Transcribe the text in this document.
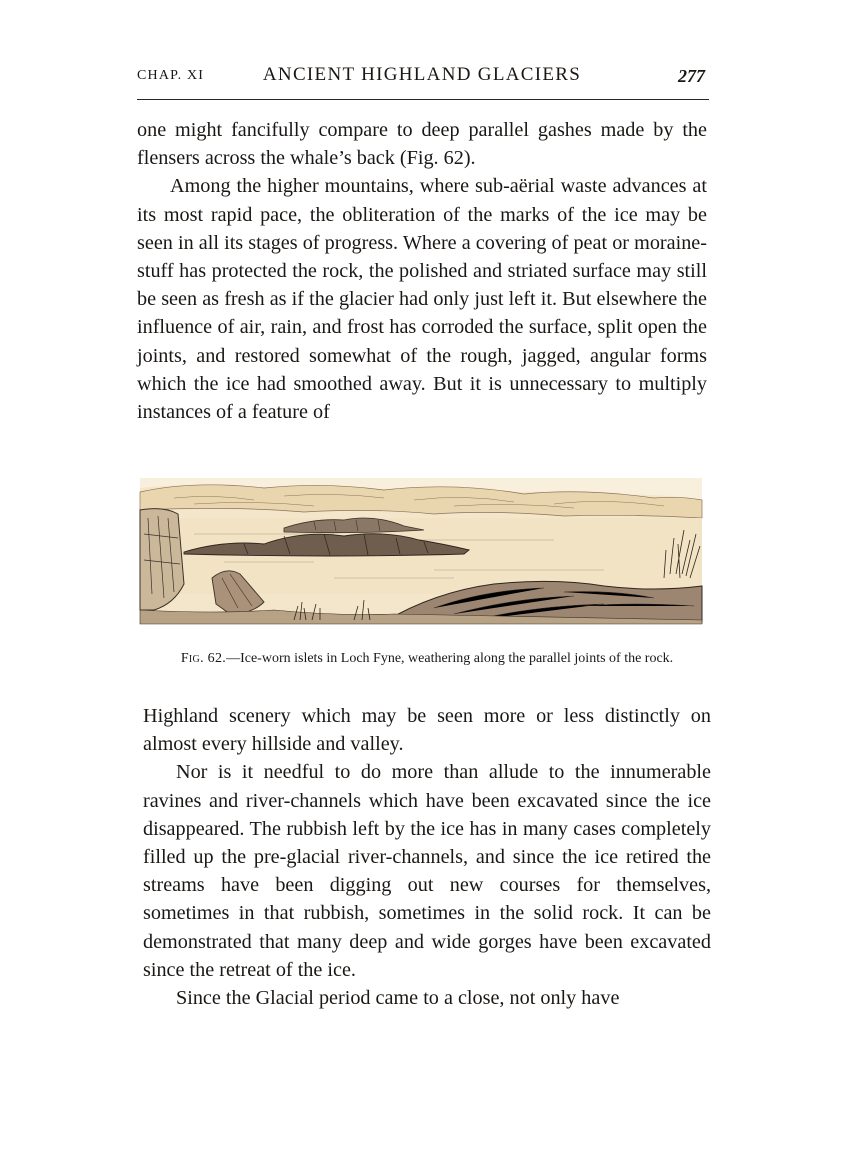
CHAP. XI	ANCIENT HIGHLAND GLACIERS	277

one might fancifully compare to deep parallel gashes made by the flensers across the whale’s back (Fig. 62).

Among the higher mountains, where sub-aërial waste advances at its most rapid pace, the obliteration of the marks of the ice may be seen in all its stages of progress. Where a covering of peat or moraine-stuff has protected the rock, the polished and striated surface may still be seen as fresh as if the glacier had only just left it. But elsewhere the influence of air, rain, and frost has corroded the surface, split open the joints, and restored somewhat of the rough, jagged, angular forms which the ice had smoothed away. But it is unnecessary to multiply instances of a feature of

Fig. 62.—Ice-worn islets in Loch Fyne, weathering along the parallel joints of the rock.

Highland scenery which may be seen more or less distinctly on almost every hillside and valley.

Nor is it needful to do more than allude to the innumerable ravines and river-channels which have been excavated since the ice disappeared. The rubbish left by the ice has in many cases completely filled up the pre-glacial river-channels, and since the ice retired the streams have been digging out new courses for themselves, sometimes in that rubbish, sometimes in the solid rock. It can be demonstrated that many deep and wide gorges have been excavated since the retreat of the ice.

Since the Glacial period came to a close, not only have
